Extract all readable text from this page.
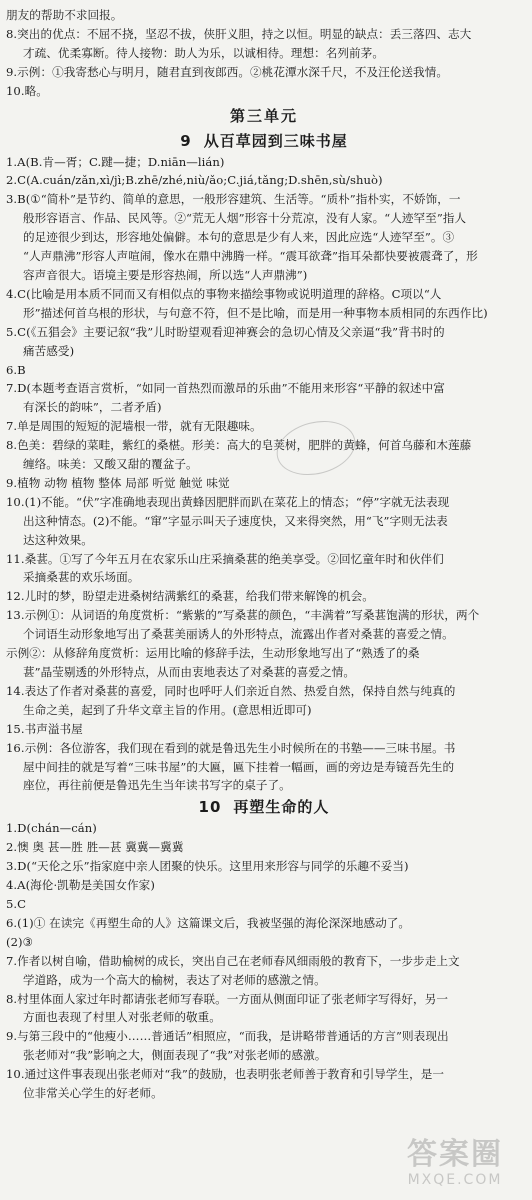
朋友的帮助不求回报。
8.突出的优点：不屈不挠，坚忍不拔，侠肝义胆，持之以恒。明显的缺点：丢三落四、志大
才疏、优柔寡断。待人接物：助人为乐，以诚相待。理想：名列前茅。
9.示例：①我寄愁心与明月，随君直到夜郎西。②桃花潭水深千尺，不及汪伦送我情。
10.略。
第三单元
9 从百草园到三味书屋
1.A(B.肯—胥；C.踺—捷；D.niān—lián)
2.C(A.cuán/zǎn,xì/jì;B.zhē/zhé,niù/ǎo;C.jiá,tǎng;D.shēn,sù/shuò)
3.B(①“简朴”是节约、简单的意思，一般形容建筑、生活等。“质朴”指朴实，不娇饰，一
般形容语言、作品、民风等。②“荒无人烟”形容十分荒凉，没有人家。“人迹罕至”指人
的足迹很少到达，形容地处偏僻。本句的意思是少有人来，因此应选“人迹罕至”。③
“人声鼎沸”形容人声喧闹，像水在鼎中沸腾一样。“震耳欲聋”指耳朵都快要被震聋了，形
容声音很大。语境主要是形容热闹，所以选“人声鼎沸”)
4.C(比喻是用本质不同而又有相似点的事物来描绘事物或说明道理的辞格。C项以“人
形”描述何首乌根的形状，与句意不符，但不是比喻，而是用一种事物本质相同的东西作比)
5.C(《五猖会》主要记叙“我”儿时盼望观看迎神赛会的急切心情及父亲逼“我”背书时的
痛苦感受)
6.B
7.D(本题考查语言赏析，“如同一首热烈而激昂的乐曲”不能用来形容“平静的叙述中富
有深长的韵味”，二者矛盾)
7.单是周围的短短的泥墙根一带，就有无限趣味。
8.色美：碧绿的菜畦，紫红的桑椹。形美：高大的皂荚树，肥胖的黄蜂，何首乌藤和木莲藤
缠络。味美：又酸又甜的覆盆子。
9.植物 动物 植物 整体 局部 听觉 触觉 味觉
10.(1)不能。“伏”字准确地表现出黄蜂因肥胖而趴在菜花上的情态；“停”字就无法表现
出这种情态。(2)不能。“窜”字显示叫天子速度快，又来得突然，用“飞”字则无法表
达这种效果。
11.桑葚。①写了今年五月在农家乐山庄采摘桑葚的绝美享受。②回忆童年时和伙伴们
采摘桑葚的欢乐场面。
12.儿时的梦，盼望走进桑树结满紫红的桑葚，给我们带来解馋的机会。
13.示例①：从词语的角度赏析：“紫紫的”写桑葚的颜色，“丰满着”写桑葚饱满的形状，两个
个词语生动形象地写出了桑葚美丽诱人的外形特点，流露出作者对桑葚的喜爱之情。
示例②：从修辞角度赏析：运用比喻的修辞手法，生动形象地写出了“熟透了的桑
葚”晶莹剔透的外形特点，从而由衷地表达了对桑葚的喜爱之情。
14.表达了作者对桑葚的喜爱，同时也呼吁人们亲近自然、热爱自然，保持自然与纯真的
生命之美，起到了升华文章主旨的作用。(意思相近即可)
15.书声溢书屋
16.示例：各位游客，我们现在看到的就是鲁迅先生小时候所在的书塾——三味书屋。书
屋中间挂的就是写着“三味书屋”的大匾，匾下挂着一幅画，画的旁边是寿镜吾先生的
座位，再往前便是鲁迅先生当年读书写字的桌子了。
10 再塑生命的人
1.D(chán—cán)
2.懊 奥 甚—胜 胜—甚 冀冀—冀冀
3.D(“天伦之乐”指家庭中亲人团聚的快乐。这里用来形容与同学的乐趣不妥当)
4.A(海伦·凯勒是美国女作家)
5.C
6.(1)① 在读完《再塑生命的人》这篇课文后，我被坚强的海伦深深地感动了。
(2)③
7.作者以树自喻，借助榆树的成长，突出自己在老师春风细雨般的教育下，一步步走上文
学道路，成为一个高大的榆树，表达了对老师的感激之情。
8.村里体面人家过年时都请张老师写春联。一方面从侧面印证了张老师字写得好，另一
方面也表现了村里人对张老师的敬重。
9.与第三段中的“他瘦小……普通话”相照应，“而我，是讲略带普通话的方言”则表现出
张老师对“我”影响之大，侧面表现了“我”对张老师的感激。
10.通过这件事表现出张老师对“我”的鼓励，也表明张老师善于教育和引导学生，是一
位非常关心学生的好老师。
答案圈
MXQE.COM
